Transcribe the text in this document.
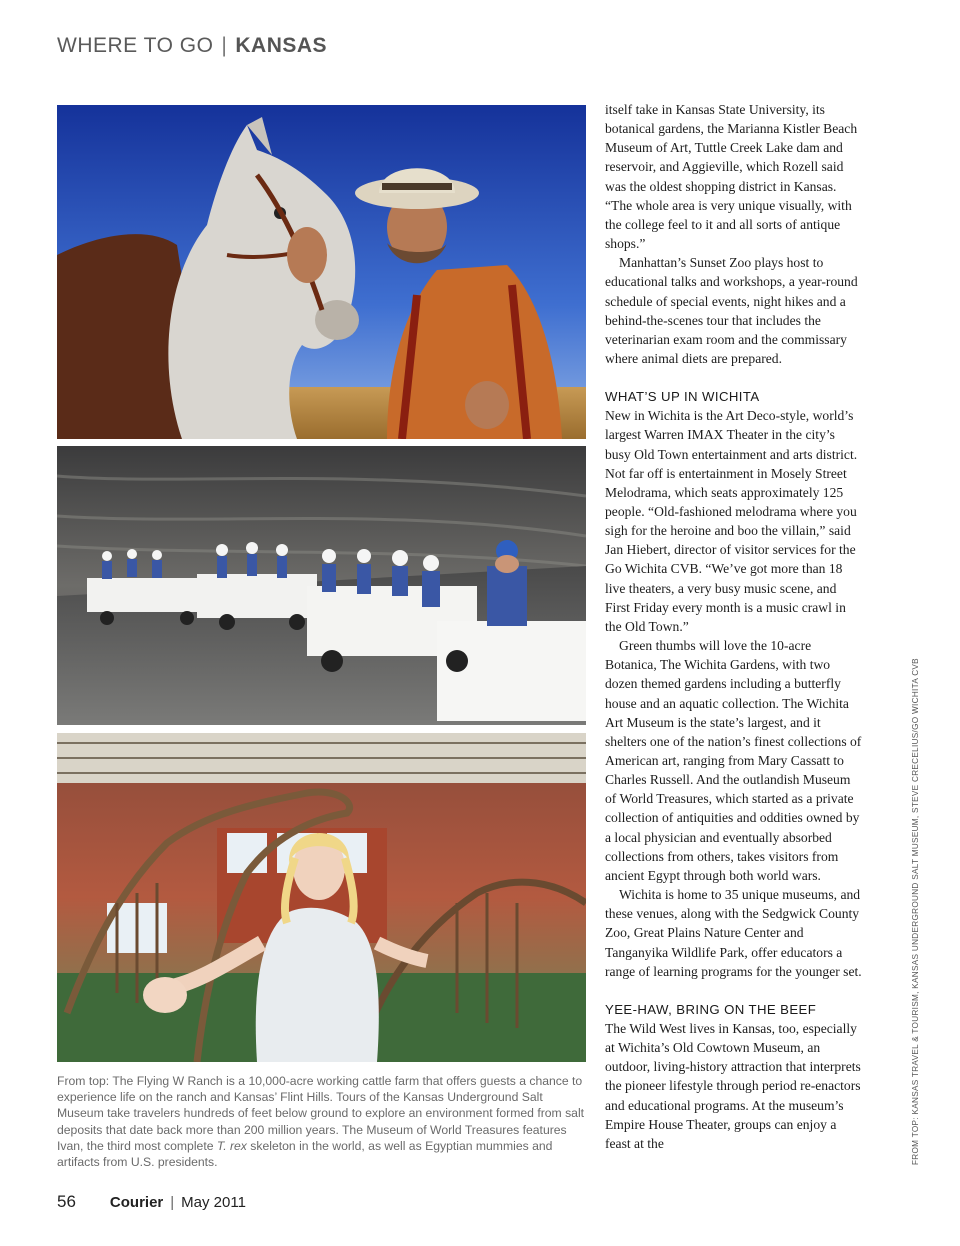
WHERE TO GO | KANSAS
From top: The Flying W Ranch is a 10,000-acre working cattle farm that offers guests a chance to experience life on the ranch and Kansas’ Flint Hills. Tours of the Kansas Underground Salt Museum take travelers hundreds of feet below ground to explore an environment formed from salt deposits that date back more than 200 million years. The Museum of World Treasures features Ivan, the third most complete T. rex skeleton in the world, as well as Egyptian mummies and artifacts from U.S. presidents.

itself take in Kansas State University, its botanical gardens, the Marianna Kistler Beach Museum of Art, Tuttle Creek Lake dam and reservoir, and Aggieville, which Rozell said was the oldest shopping district in Kansas. “The whole area is very unique visually, with the college feel to it and all sorts of antique shops.”

Manhattan’s Sunset Zoo plays host to educational talks and workshops, a year-round schedule of special events, night hikes and a behind-the-scenes tour that includes the veterinarian exam room and the commissary where animal diets are prepared.

WHAT’S UP IN WICHITA

New in Wichita is the Art Deco-style, world’s largest Warren IMAX Theater in the city’s busy Old Town entertainment and arts district. Not far off is entertainment in Mosely Street Melodrama, which seats approximately 125 people. “Old-fashioned melodrama where you sigh for the heroine and boo the villain,” said Jan Hiebert, director of visitor services for the Go Wichita CVB. “We’ve got more than 18 live theaters, a very busy music scene, and First Friday every month is a music crawl in the Old Town.”

Green thumbs will love the 10-acre Botanica, The Wichita Gardens, with two dozen themed gardens including a butterfly house and an aquatic collection. The Wichita Art Museum is the state’s largest, and it shelters one of the nation’s finest collections of American art, ranging from Mary Cassatt to Charles Russell. And the outlandish Museum of World Treasures, which started as a private collection of antiquities and oddities owned by a local physician and eventually absorbed collections from others, takes visitors from ancient Egypt through both world wars.

Wichita is home to 35 unique museums, and these venues, along with the Sedgwick County Zoo, Great Plains Nature Center and Tanganyika Wildlife Park, offer educators a range of learning programs for the younger set.

YEE-HAW, BRING ON THE BEEF

The Wild West lives in Kansas, too, especially at Wichita’s Old Cowtown Museum, an outdoor, living-history attraction that interprets the pioneer lifestyle through period re-enactors and educational programs. At the museum’s Empire House Theater, groups can enjoy a feast at the	FROM TOP: KANSAS TRAVEL & TOURISM, KANSAS UNDERGROUND SALT MUSEUM, STEVE CRECELIUS/GO WICHITA CVB
56 Courier | May 2011
